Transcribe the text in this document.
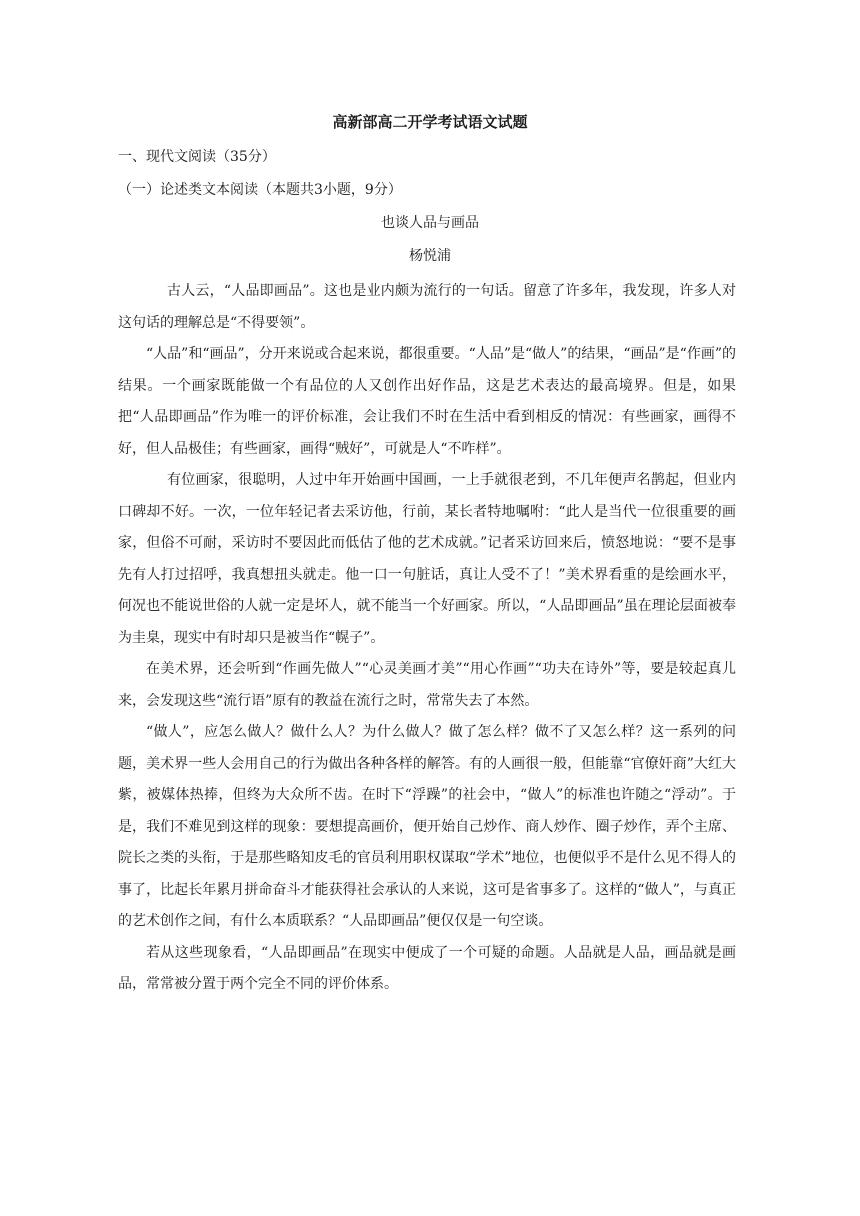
高新部高二开学考试语文试题
一、现代文阅读（35分）
（一）论述类文本阅读（本题共3小题，9分）
也谈人品与画品
杨悦浦

古人云，“人品即画品”。这也是业内颇为流行的一句话。留意了许多年，我发现，许多人对这句话的理解总是“不得要领”。

“人品”和“画品”，分开来说或合起来说，都很重要。“人品”是“做人”的结果，“画品”是“作画”的结果。一个画家既能做一个有品位的人又创作出好作品，这是艺术表达的最高境界。但是，如果把“人品即画品”作为唯一的评价标准，会让我们不时在生活中看到相反的情况：有些画家，画得不好，但人品极佳；有些画家，画得“贼好”，可就是人“不咋样”。

有位画家，很聪明，人过中年开始画中国画，一上手就很老到，不几年便声名鹊起，但业内口碑却不好。一次，一位年轻记者去采访他，行前，某长者特地嘱咐：“此人是当代一位很重要的画家，但俗不可耐，采访时不要因此而低估了他的艺术成就。”记者采访回来后，愤怒地说：“要不是事先有人打过招呼，我真想扭头就走。他一口一句脏话，真让人受不了！”美术界看重的是绘画水平，何况也不能说世俗的人就一定是坏人，就不能当一个好画家。所以，“人品即画品”虽在理论层面被奉为圭臬，现实中有时却只是被当作“幌子”。

在美术界，还会听到“作画先做人”“心灵美画才美”“用心作画”“功夫在诗外”等，要是较起真儿来，会发现这些“流行语”原有的教益在流行之时，常常失去了本然。

“做人”，应怎么做人？做什么人？为什么做人？做了怎么样？做不了又怎么样？这一系列的问题，美术界一些人会用自己的行为做出各种各样的解答。有的人画很一般，但能靠“官僚奸商”大红大紫，被媒体热捧，但终为大众所不齿。在时下“浮躁”的社会中，“做人”的标准也许随之“浮动”。于是，我们不难见到这样的现象：要想提高画价，便开始自己炒作、商人炒作、圈子炒作，弄个主席、院长之类的头衔，于是那些略知皮毛的官员利用职权谋取“学术”地位，也便似乎不是什么见不得人的事了，比起长年累月拼命奋斗才能获得社会承认的人来说，这可是省事多了。这样的“做人”，与真正的艺术创作之间，有什么本质联系？“人品即画品”便仅仅是一句空谈。

若从这些现象看，“人品即画品”在现实中便成了一个可疑的命题。人品就是人品，画品就是画品，常常被分置于两个完全不同的评价体系。
